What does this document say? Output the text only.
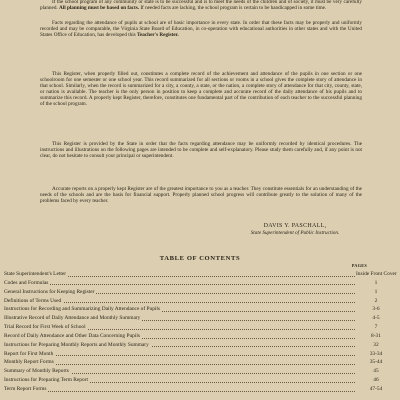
If the school program of any community or state is to be successful and is to meet the needs of the children and of society, it must be very carefully planned. All planning must be based on facts. If needed facts are lacking, the school program is certain to be handicapped in some time.

Facts regarding the attendance of pupils at school are of basic importance in every state. In order that these facts may be properly and uniformly recorded and may be comparable, the Virginia State Board of Education, in co-operation with educational authorities in other states and with the United States Office of Education, has developed this Teacher's Register.

This Register, when properly filled out, constitutes a complete record of the achievement and attendance of the pupils in one section or one schoolroom for one semester or one school year. This record summarized for all sections or rooms in a school gives the complete story of attendance in that school. Similarly, when the record is summarized for a city, a county, a state, or the nation, a complete story of attendance for that city, county, state, or nation is available. The teacher is the only person in position to keep a complete and accurate record of the daily attendance of his pupils and to summarize this record. A properly kept Register, therefore, constitutes one fundamental part of the contribution of each teacher to the successful planning of the school program.

This Register is provided by the State in order that the facts regarding attendance may be uniformly recorded by identical procedures. The instructions and illustrations on the following pages are intended to be complete and self-explanatory. Please study them carefully and, if any point is not clear, do not hesitate to consult your principal or superintendent.

Accurate reports on a properly kept Register are of the greatest importance to you as a teacher. They constitute essentials for an understanding of the needs of the schools and are the basis for financial support. Properly planned school progress will contribute greatly to the solution of many of the problems faced by every teacher.

DAVIS Y. PASCHALL,
State Superintendent of Public Instruction.
TABLE OF CONTENTS
PAGES
State Superintendent's Letter	Inside Front Cover
Codes and Formulas	1
General Instructions for Keeping Register	1
Definitions of Terms Used	2
Instructions for Recording and Summarizing Daily Attendance of Pupils	3-6
Illustrative Record of Daily Attendance and Monthly Summary	4-5
Trial Record for First Week of School	7
Record of Daily Attendance and Other Data Concerning Pupils	8-31
Instructions for Preparing Monthly Reports and Monthly Summary	32
Report for First Month	33-34
Monthly Report Forms	35-44
Summary of Monthly Reports	45
Instructions for Preparing Term Report	46
Term Report Forms	47-54
